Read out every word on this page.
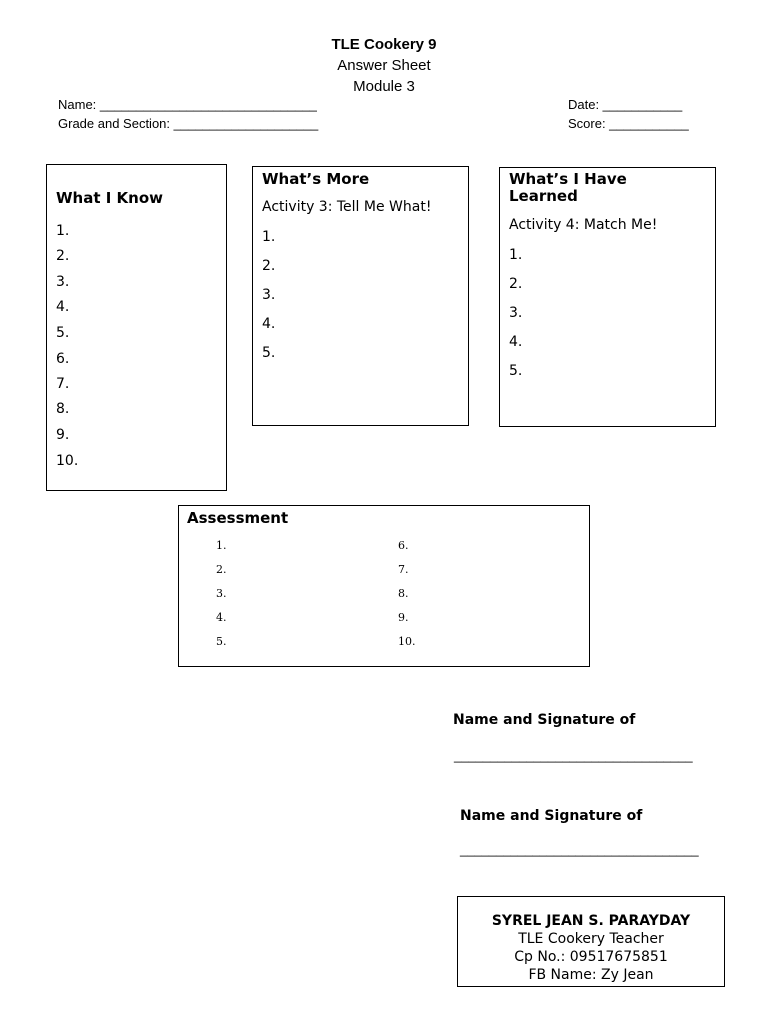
TLE Cookery 9
Answer Sheet
Module 3
Name: ______________________________
Grade and Section: ____________________
Date: ___________
Score: ___________
What I Know
1.
2.
3.
4.
5.
6.
7.
8.
9.
10.
What’s More
Activity 3: Tell Me What!
1.
2.
3.
4.
5.
What’s I Have Learned
Activity 4: Match Me!
1.
2.
3.
4.
5.
Assessment
1.
2.
3.
4.
5.
6.
7.
8.
9.
10.
Name and Signature of
_________________________________
Name and Signature of
_________________________________
SYREL JEAN S. PARAYDAY
TLE Cookery Teacher
Cp No.: 09517675851
FB Name: Zy Jean
